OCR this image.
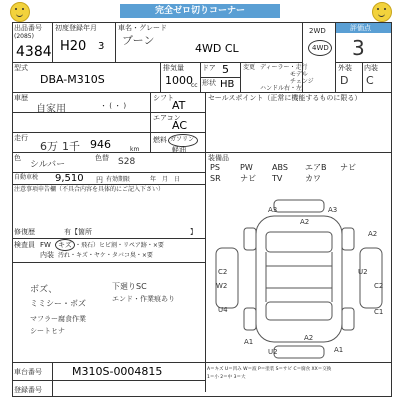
完全ゼロ切りコーナー
出品番号
(2085)
4384
初度登録年月
H20 3
車名・グレード
ブーン
4WD CL
2WD
4WD
評価点
3
型式
DBA-M310S
排気量
1000
cc
ドア 5
形状 HB
変更 ディーラー・走行
モデル
チェンジ
ハンドル右・左
外装 内装
D C
車歴
自家用	・ ( ・ )
シフト
AT
エアコン
AC
セールスポイント（正常に機能するものに限る）
走行
6万 1千 946	km
ガソリン
燃料
軽油
色
シルバー
色替 S28	装備品
PS	PW ABS エアB ナビ
SR ナビ TV	カワ
自動車税 9,510 円 有効期限	年　月　日
注意事項申告欄（不具合内容を具体的にご記入下さい）
修復歴	有【箇所	】
検査員 FW キズ ・飛石）ヒビ割・リペア跡・×要
内装 汚れ・キズ・ヤケ・タバコ臭・×要
ボズ、
ミミシー・ボズ
マフラー腐食作業
シートヒナ
下廻りSC
エンド・作業痕あり
A3
A2
A3
A2
C2
C1
U2
U4
W2
C2
A1	A2
U2	A1
車台番号	M310S-0004815
登録番号
A＝キズ U＝凹み W＝波 P＝塗装 S＝サビ C＝腐食 XX＝交換
1＝小 2＝中 3＝大
